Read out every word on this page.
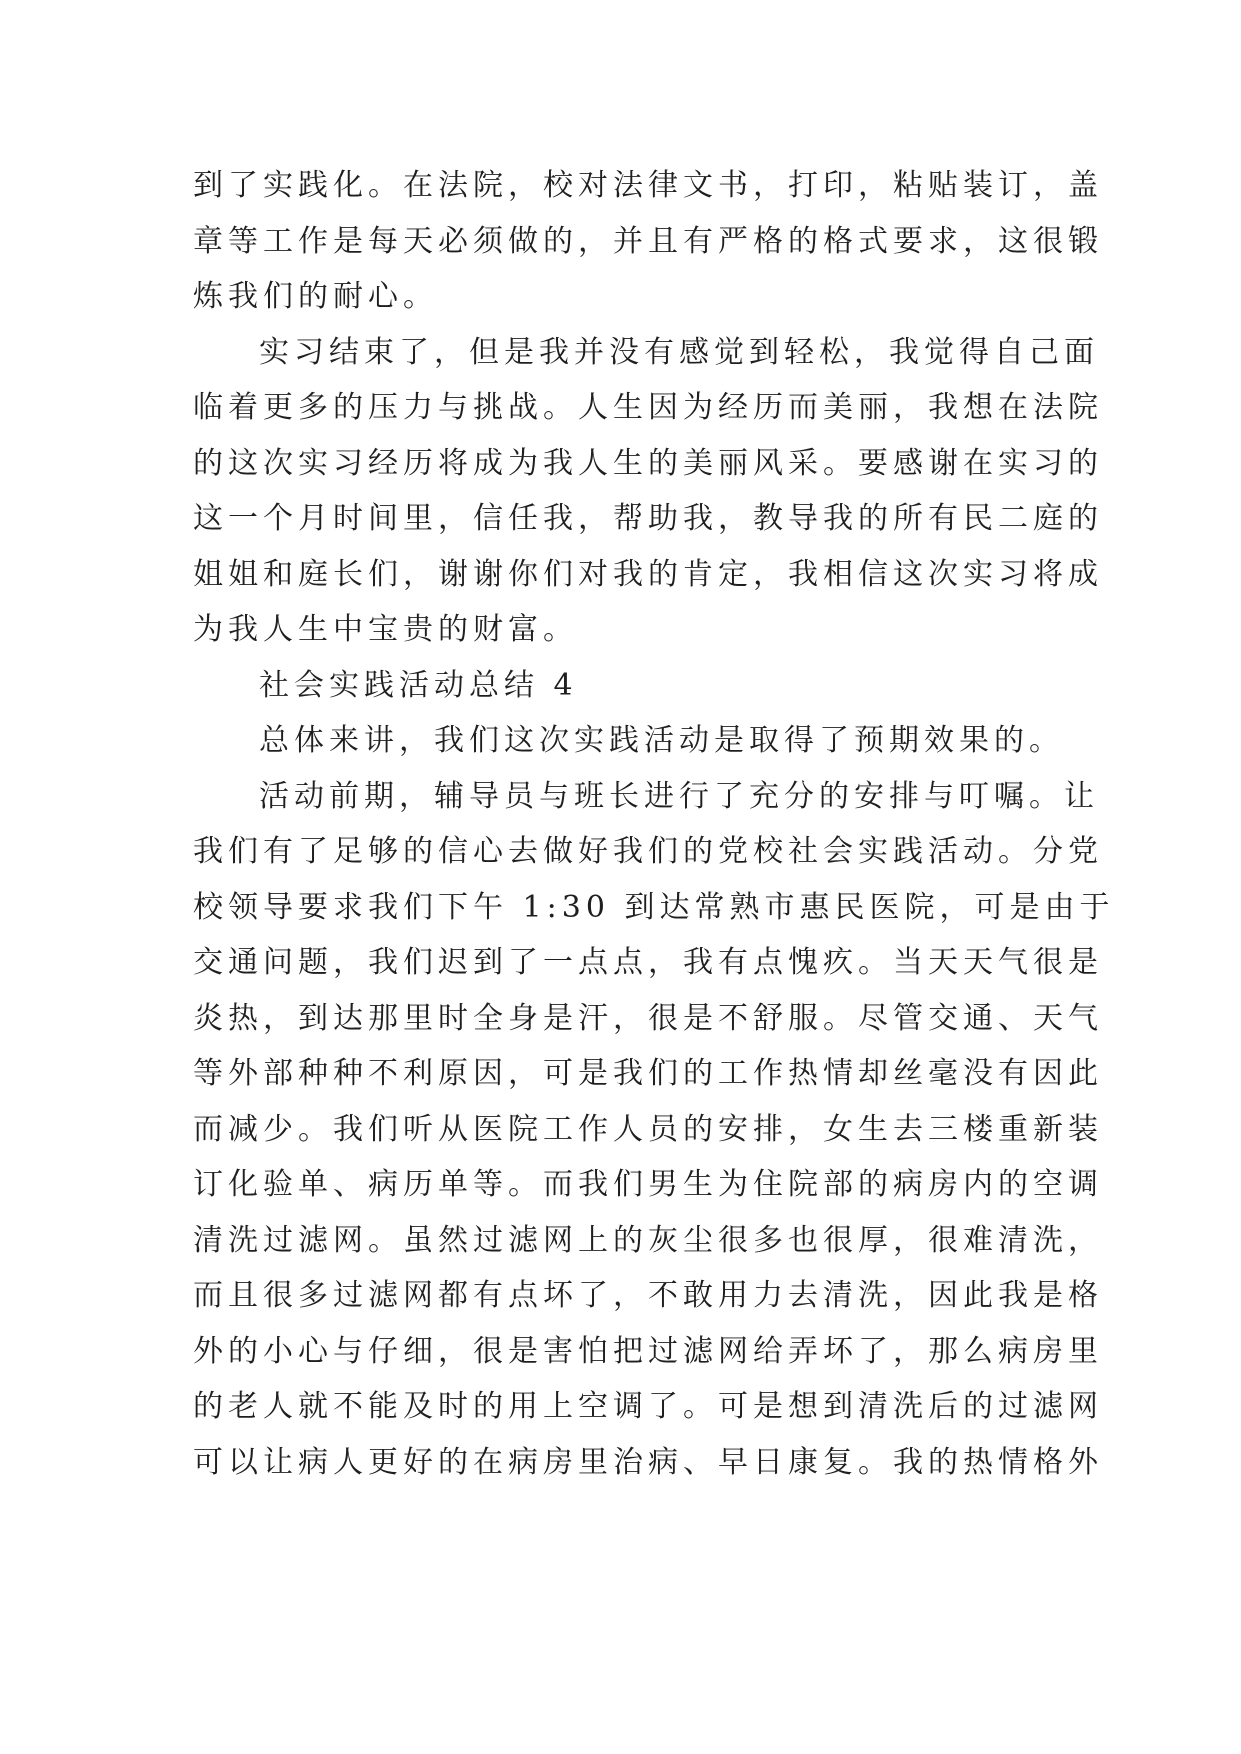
到了实践化。在法院，校对法律文书，打印，粘贴装订，盖
章等工作是每天必须做的，并且有严格的格式要求，这很锻
炼我们的耐心。
实习结束了，但是我并没有感觉到轻松，我觉得自己面
临着更多的压力与挑战。人生因为经历而美丽，我想在法院
的这次实习经历将成为我人生的美丽风采。要感谢在实习的
这一个月时间里，信任我，帮助我，教导我的所有民二庭的
姐姐和庭长们，谢谢你们对我的肯定，我相信这次实习将成
为我人生中宝贵的财富。
社会实践活动总结 4
总体来讲，我们这次实践活动是取得了预期效果的。
活动前期，辅导员与班长进行了充分的安排与叮嘱。让
我们有了足够的信心去做好我们的党校社会实践活动。分党
校领导要求我们下午 1:30 到达常熟市惠民医院，可是由于
交通问题，我们迟到了一点点，我有点愧疚。当天天气很是
炎热，到达那里时全身是汗，很是不舒服。尽管交通、天气
等外部种种不利原因，可是我们的工作热情却丝毫没有因此
而减少。我们听从医院工作人员的安排，女生去三楼重新装
订化验单、病历单等。而我们男生为住院部的病房内的空调
清洗过滤网。虽然过滤网上的灰尘很多也很厚，很难清洗，
而且很多过滤网都有点坏了，不敢用力去清洗，因此我是格
外的小心与仔细，很是害怕把过滤网给弄坏了，那么病房里
的老人就不能及时的用上空调了。可是想到清洗后的过滤网
可以让病人更好的在病房里治病、早日康复。我的热情格外
